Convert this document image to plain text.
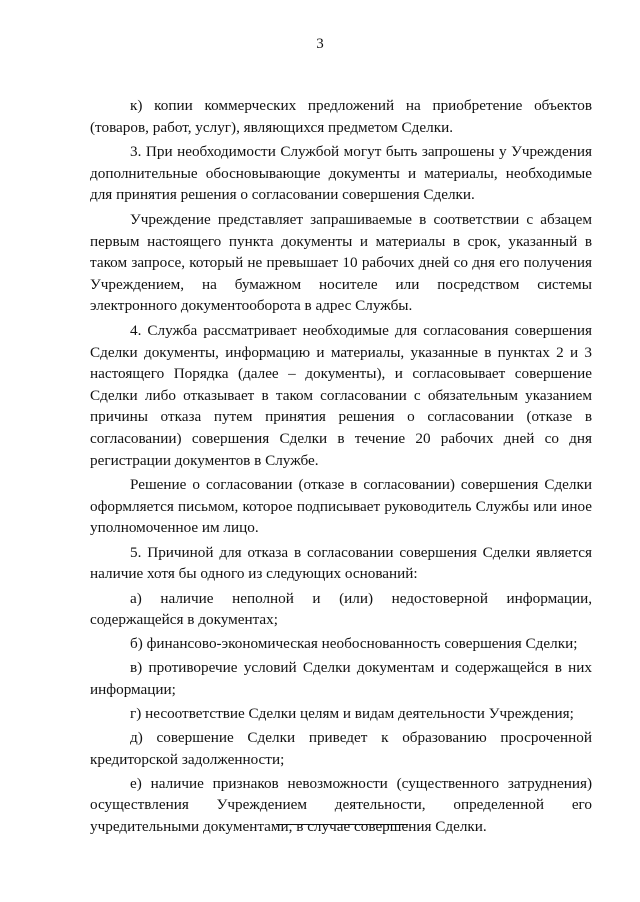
3

к) копии коммерческих предложений на приобретение объектов (товаров, работ, услуг), являющихся предметом Сделки.

3. При необходимости Службой могут быть запрошены у Учреждения дополнительные обосновывающие документы и материалы, необходимые для принятия решения о согласовании совершения Сделки.

Учреждение представляет запрашиваемые в соответствии с абзацем первым настоящего пункта документы и материалы в срок, указанный в таком запросе, который не превышает 10 рабочих дней со дня его получения Учреждением, на бумажном носителе или посредством системы электронного документооборота в адрес Службы.

4. Служба рассматривает необходимые для согласования совершения Сделки документы, информацию и материалы, указанные в пунктах 2 и 3 настоящего Порядка (далее – документы), и согласовывает совершение Сделки либо отказывает в таком согласовании с обязательным указанием причины отказа путем принятия решения о согласовании (отказе в согласовании) совершения Сделки в течение 20 рабочих дней со дня регистрации документов в Службе.

Решение о согласовании (отказе в согласовании) совершения Сделки оформляется письмом, которое подписывает руководитель Службы или иное уполномоченное им лицо.

5. Причиной для отказа в согласовании совершения Сделки является наличие хотя бы одного из следующих оснований:

а) наличие неполной и (или) недостоверной информации, содержащейся в документах;

б) финансово-экономическая необоснованность совершения Сделки;

в) противоречие условий Сделки документам и содержащейся в них информации;

г) несоответствие Сделки целям и видам деятельности Учреждения;

д) совершение Сделки приведет к образованию просроченной кредиторской задолженности;

е) наличие признаков невозможности (существенного затруднения) осуществления Учреждением деятельности, определенной его учредительными документами, в случае совершения Сделки.
